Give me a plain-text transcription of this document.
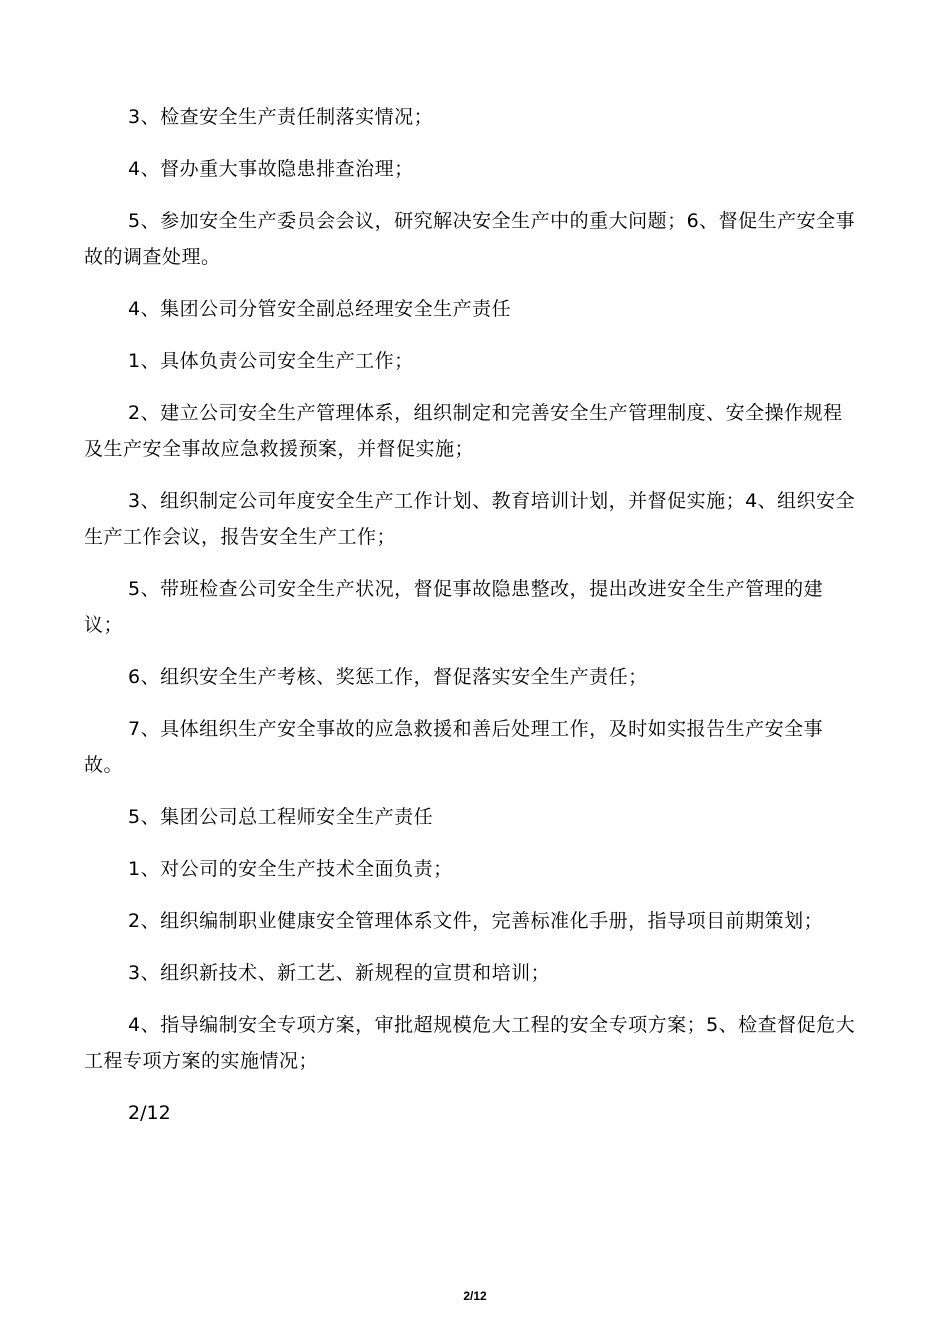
3、检查安全生产责任制落实情况；

4、督办重大事故隐患排查治理；

5、参加安全生产委员会会议，研究解决安全生产中的重大问题；6、督促生产安全事故的调查处理。

4、集团公司分管安全副总经理安全生产责任

1、具体负责公司安全生产工作；

2、建立公司安全生产管理体系，组织制定和完善安全生产管理制度、安全操作规程及生产安全事故应急救援预案，并督促实施；

3、组织制定公司年度安全生产工作计划、教育培训计划，并督促实施；4、组织安全生产工作会议，报告安全生产工作；

5、带班检查公司安全生产状况，督促事故隐患整改，提出改进安全生产管理的建议；

6、组织安全生产考核、奖惩工作，督促落实安全生产责任；

7、具体组织生产安全事故的应急救援和善后处理工作，及时如实报告生产安全事故。

5、集团公司总工程师安全生产责任

1、对公司的安全生产技术全面负责；

2、组织编制职业健康安全管理体系文件，完善标准化手册，指导项目前期策划；

3、组织新技术、新工艺、新规程的宣贯和培训；

4、指导编制安全专项方案，审批超规模危大工程的安全专项方案；5、检查督促危大工程专项方案的实施情况；

2/12

2/12
